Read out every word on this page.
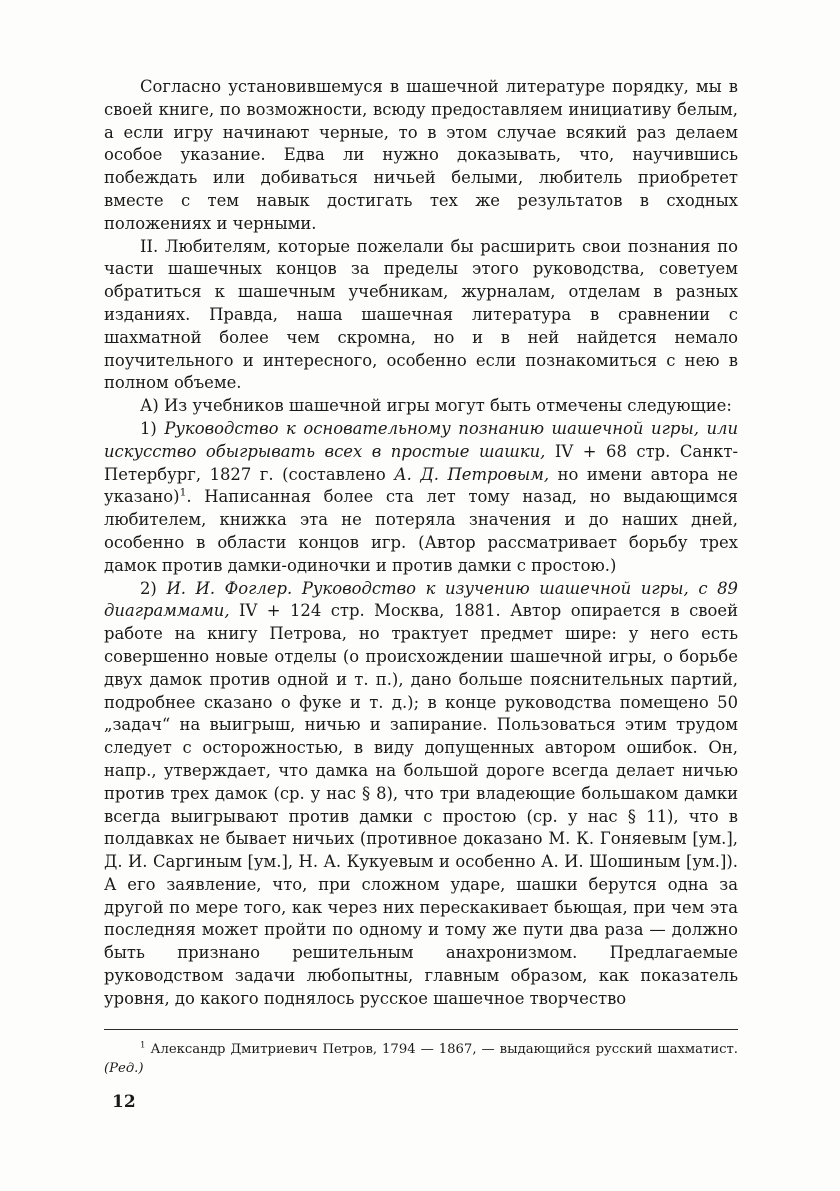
Согласно установившемуся в шашечной литературе порядку, мы в своей книге, по возможности, всюду предоставляем инициативу белым, а если игру начинают черные, то в этом случае всякий раз делаем особое указание. Едва ли нужно доказывать, что, научившись побеждать или добиваться ничьей белыми, любитель приобретет вместе с тем навык достигать тех же результатов в сходных положениях и черными.

II. Любителям, которые пожелали бы расширить свои познания по части шашечных концов за пределы этого руководства, советуем обратиться к шашечным учебникам, журналам, отделам в разных изданиях. Правда, наша шашечная литература в сравнении с шахматной более чем скромна, но и в ней найдется немало поучительного и интересного, особенно если познакомиться с нею в полном объеме.

А) Из учебников шашечной игры могут быть отмечены следующие:

1) Руководство к основательному познанию шашечной игры, или искусство обыгрывать всех в простые шашки, IV + 68 стр. Санкт-Петербург, 1827 г. (составлено А. Д. Петровым, но имени автора не указано)$^1$. Написанная более ста лет тому назад, но выдающимся любителем, книжка эта не потеряла значения и до наших дней, особенно в области концов игр. (Автор рассматривает борьбу трех дамок против дамки-одиночки и против дамки с простою.)

2) И. И. Фоглер. Руководство к изучению шашечной игры, с 89 диаграммами, IV + 124 стр. Москва, 1881. Автор опирается в своей работе на книгу Петрова, но трактует предмет шире: у него есть совершенно новые отделы (о происхождении шашечной игры, о борьбе двух дамок против одной и т. п.), дано больше пояснительных партий, подробнее сказано о фуке и т. д.); в конце руководства помещено 50 „задач“ на выигрыш, ничью и запирание. Пользоваться этим трудом следует с осторожностью, в виду допущенных автором ошибок. Он, напр., утверждает, что дамка на большой дороге всегда делает ничью против трех дамок (ср. у нас § 8), что три владеющие большаком дамки всегда выигрывают против дамки с простою (ср. у нас § 11), что в полдавках не бывает ничьих (противное доказано М. К. Гоняевым [ум.], Д. И. Саргиным [ум.], Н. А. Кукуевым и особенно А. И. Шошиным [ум.]). А его заявление, что, при сложном ударе, шашки берутся одна за другой по мере того, как через них перескакивает бьющая, при чем эта последняя может пройти по одному и тому же пути два раза — должно быть признано решительным анахронизмом. Предлагаемые руководством задачи любопытны, главным образом, как показатель уровня, до какого поднялось русское шашечное творчество

$^1$ Александр Дмитриевич Петров, 1794 — 1867, — выдающийся русский шахматист. (Ред.)

12
